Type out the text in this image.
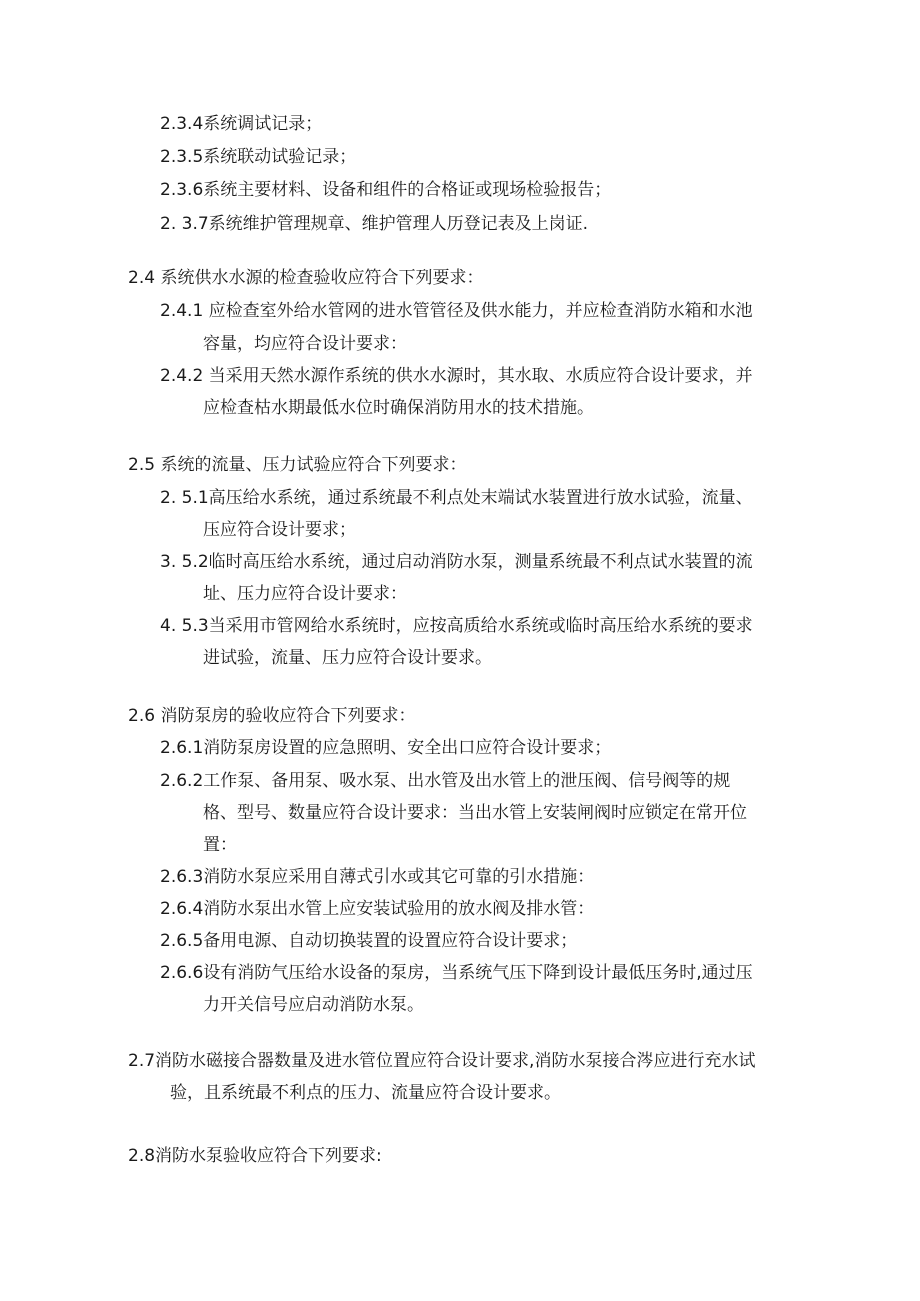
2.3.4系统调试记录；
2.3.5系统联动试验记录；
2.3.6系统主要材料、设备和组件的合格证或现场检验报告；
2. 3.7系统维护管理规章、维护管理人历登记表及上岗证.
2.4 系统供水水源的检查验收应符合下列要求：
2.4.1 应检查室外给水管网的进水管管径及供水能力，并应检查消防水箱和水池
容量，均应符合设计要求：
2.4.2 当采用天然水源作系统的供水水源时，其水取、水质应符合设计要求，并
应检查枯水期最低水位时确保消防用水的技术措施。
2.5 系统的流量、压力试验应符合下列要求：
2. 5.1高压给水系统，通过系统最不利点处末端试水装置进行放水试验，流量、
压应符合设计要求；
3. 5.2临时高压给水系统，通过启动消防水泵，测量系统最不利点试水装置的流
址、压力应符合设计要求：
4. 5.3当采用市管网给水系统时，应按高质给水系统或临时高压给水系统的要求
进试验，流量、压力应符合设计要求。
2.6 消防泵房的验收应符合下列要求：
2.6.1消防泵房设置的应急照明、安全出口应符合设计要求；
2.6.2工作泵、备用泵、吸水泵、出水管及出水管上的泄压阀、信号阀等的规
格、型号、数量应符合设计要求：当出水管上安装闸阀时应锁定在常开位
置：
2.6.3消防水泵应采用自薄式引水或其它可靠的引水措施：
2.6.4消防水泵出水管上应安装试验用的放水阀及排水管：
2.6.5备用电源、自动切换装置的设置应符合设计要求；
2.6.6设有消防气压给水设备的泵房，当系统气压下降到设计最低压务时,通过压
力开关信号应启动消防水泵。
2.7消防水磁接合器数量及进水管位置应符合设计要求,消防水泵接合涔应进行充水试
验，且系统最不利点的压力、流量应符合设计要求。
2.8消防水泵验收应符合下列要求:
